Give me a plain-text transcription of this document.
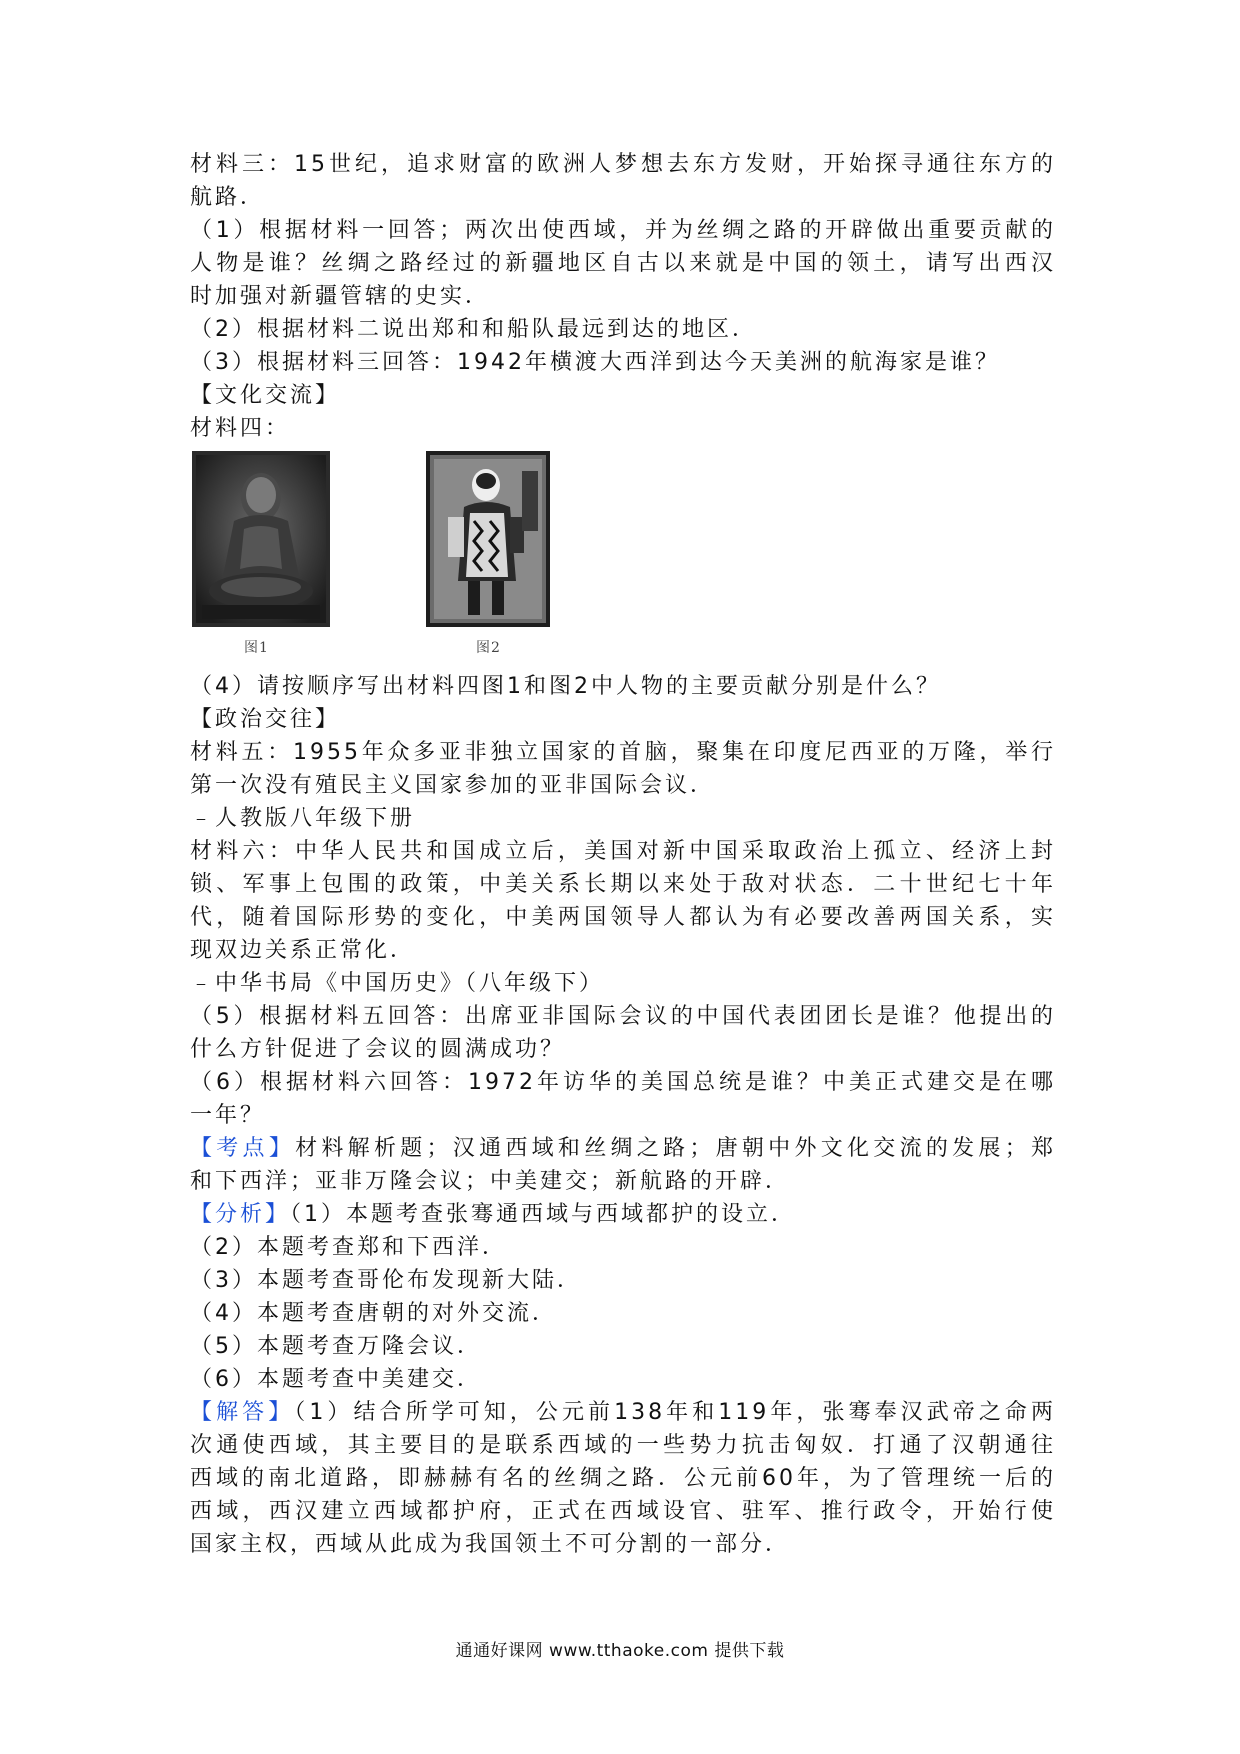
材料三：15世纪，追求财富的欧洲人梦想去东方发财，开始探寻通往东方的
航路．
（1）根据材料一回答；两次出使西域，并为丝绸之路的开辟做出重要贡献的
人物是谁？丝绸之路经过的新疆地区自古以来就是中国的领土，请写出西汉
时加强对新疆管辖的史实．
（2）根据材料二说出郑和和船队最远到达的地区．
（3）根据材料三回答：1942年横渡大西洋到达今天美洲的航海家是谁？
【文化交流】
材料四：
图1	图2
（4）请按顺序写出材料四图1和图2中人物的主要贡献分别是什么？
【政治交往】
材料五：1955年众多亚非独立国家的首脑，聚集在印度尼西亚的万隆，举行
第一次没有殖民主义国家参加的亚非国际会议．
﹣人教版八年级下册
材料六：中华人民共和国成立后，美国对新中国采取政治上孤立、经济上封
锁、军事上包围的政策，中美关系长期以来处于敌对状态．二十世纪七十年
代，随着国际形势的变化，中美两国领导人都认为有必要改善两国关系，实
现双边关系正常化．
﹣中华书局《中国历史》（八年级下）
（5）根据材料五回答：出席亚非国际会议的中国代表团团长是谁？他提出的
什么方针促进了会议的圆满成功？
（6）根据材料六回答：1972年访华的美国总统是谁？中美正式建交是在哪
一年？
【考点】材料解析题；汉通西域和丝绸之路；唐朝中外文化交流的发展；郑
和下西洋；亚非万隆会议；中美建交；新航路的开辟．
【分析】（1）本题考查张骞通西域与西域都护的设立．
（2）本题考查郑和下西洋．
（3）本题考查哥伦布发现新大陆．
（4）本题考查唐朝的对外交流．
（5）本题考查万隆会议．
（6）本题考查中美建交．
【解答】（1）结合所学可知，公元前138年和119年，张骞奉汉武帝之命两
次通使西域，其主要目的是联系西域的一些势力抗击匈奴．打通了汉朝通往
西域的南北道路，即赫赫有名的丝绸之路．公元前60年，为了管理统一后的
西域，西汉建立西域都护府，正式在西域设官、驻军、推行政令，开始行使
国家主权，西域从此成为我国领土不可分割的一部分．
通通好课网 www.tthaoke.com 提供下载
